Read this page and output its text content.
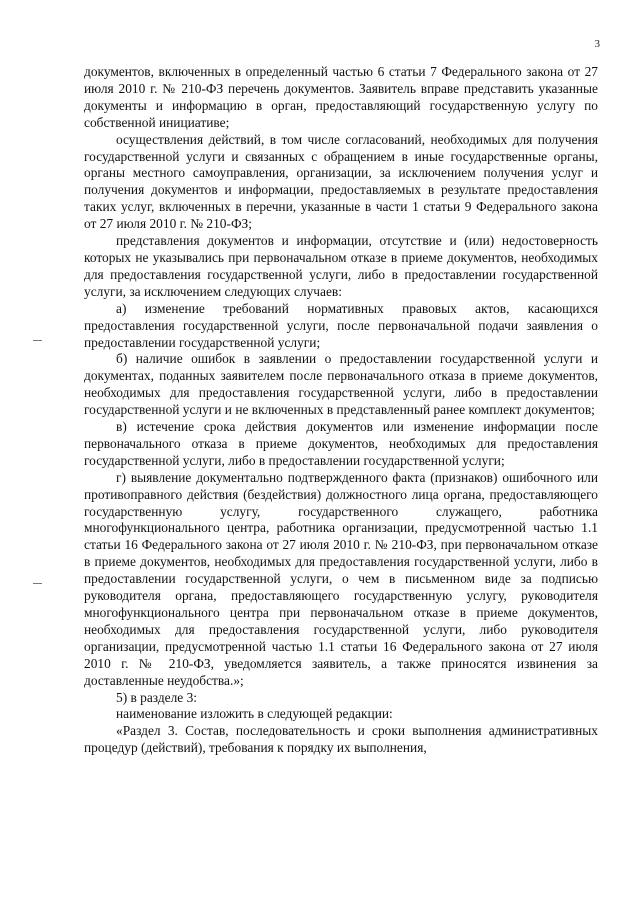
3

документов, включенных в определенный частью 6 статьи 7 Федерального закона от 27 июля 2010 г. № 210-ФЗ перечень документов. Заявитель вправе представить указанные документы и информацию в орган, предоставляющий государственную услугу по собственной инициативе;

осуществления действий, в том числе согласований, необходимых для получения государственной услуги и связанных с обращением в иные государственные органы, органы местного самоуправления, организации, за исключением получения услуг и получения документов и информации, предоставляемых в результате предоставления таких услуг, включенных в перечни, указанные в части 1 статьи 9 Федерального закона от 27 июля 2010 г. № 210-ФЗ;

представления документов и информации, отсутствие и (или) недостоверность которых не указывались при первоначальном отказе в приеме документов, необходимых для предоставления государственной услуги, либо в предоставлении государственной услуги, за исключением следующих случаев:

а) изменение требований нормативных правовых актов, касающихся предоставления государственной услуги, после первоначальной подачи заявления о предоставлении государственной услуги;

б) наличие ошибок в заявлении о предоставлении государственной услуги и документах, поданных заявителем после первоначального отказа в приеме документов, необходимых для предоставления государственной услуги, либо в предоставлении государственной услуги и не включенных в представленный ранее комплект документов;

в) истечение срока действия документов или изменение информации после первоначального отказа в приеме документов, необходимых для предоставления государственной услуги, либо в предоставлении государственной услуги;

г) выявление документально подтвержденного факта (признаков) ошибочного или противоправного действия (бездействия) должностного лица органа, предоставляющего государственную услугу, государственного служащего, работника многофункционального центра, работника организации, предусмотренной частью 1.1 статьи 16 Федерального закона от 27 июля 2010 г. № 210-ФЗ, при первоначальном отказе в приеме документов, необходимых для предоставления государственной услуги, либо в предоставлении государственной услуги, о чем в письменном виде за подписью руководителя органа, предоставляющего государственную услугу, руководителя многофункционального центра при первоначальном отказе в приеме документов, необходимых для предоставления государственной услуги, либо руководителя организации, предусмотренной частью 1.1 статьи 16 Федерального закона от 27 июля 2010 г. № 210-ФЗ, уведомляется заявитель, а также приносятся извинения за доставленные неудобства.»;

5) в разделе 3:

наименование изложить в следующей редакции:

«Раздел 3. Состав, последовательность и сроки выполнения административных процедур (действий), требования к порядку их выполнения,
